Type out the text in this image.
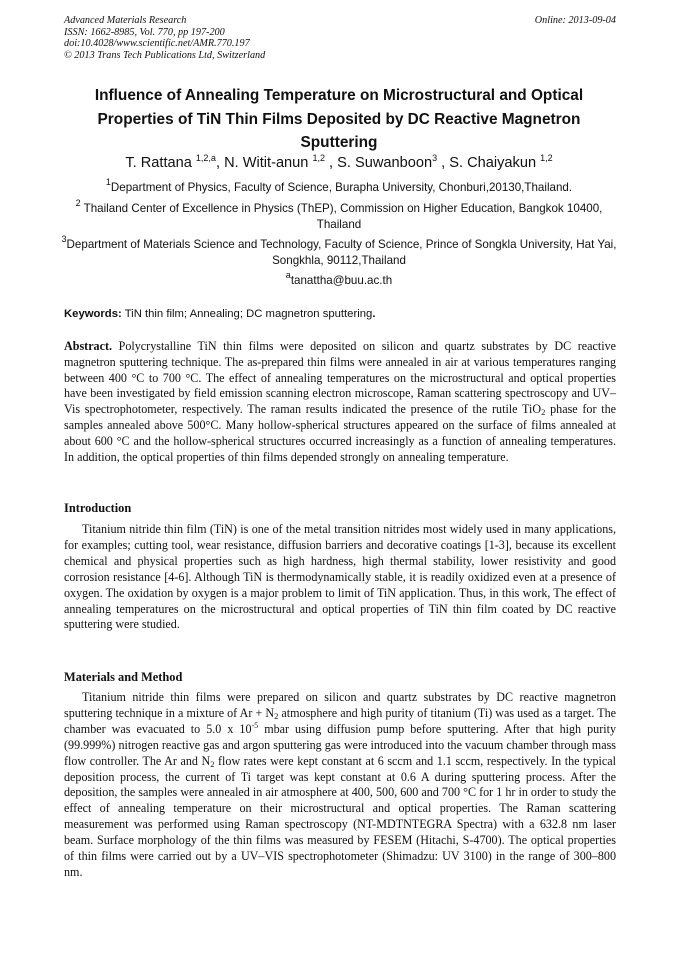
Advanced Materials Research
ISSN: 1662-8985, Vol. 770, pp 197-200
doi:10.4028/www.scientific.net/AMR.770.197
© 2013 Trans Tech Publications Ltd, Switzerland
Online: 2013-09-04
Influence of Annealing Temperature on Microstructural and Optical Properties of TiN Thin Films Deposited by DC Reactive Magnetron Sputtering
T. Rattana $^{1,2,a}$, N. Witit-anun $^{1,2}$ , S. Suwanboon$^3$ , S. Chaiyakun $^{1,2}$
$^1$Department of Physics, Faculty of Science, Burapha University, Chonburi,20130,Thailand.
$^2$ Thailand Center of Excellence in Physics (ThEP), Commission on Higher Education, Bangkok 10400, Thailand
$^3$Department of Materials Science and Technology, Faculty of Science, Prince of Songkla University, Hat Yai, Songkhla, 90112,Thailand
$^a$tanattha@buu.ac.th
Keywords: TiN thin film; Annealing; DC magnetron sputtering.
Abstract. Polycrystalline TiN thin films were deposited on silicon and quartz substrates by DC reactive magnetron sputtering technique. The as-prepared thin films were annealed in air at various temperatures ranging between 400 °C to 700 °C. The effect of annealing temperatures on the microstructural and optical properties have been investigated by field emission scanning electron microscope, Raman scattering spectroscopy and UV–Vis spectrophotometer, respectively. The raman results indicated the presence of the rutile TiO$_2$ phase for the samples annealed above 500°C. Many hollow-spherical structures appeared on the surface of films annealed at about 600 °C and the hollow-spherical structures occurred increasingly as a function of annealing temperatures. In addition, the optical properties of thin films depended strongly on annealing temperature.
Introduction
Titanium nitride thin film (TiN) is one of the metal transition nitrides most widely used in many applications, for examples; cutting tool, wear resistance, diffusion barriers and decorative coatings [1-3], because its excellent chemical and physical properties such as high hardness, high thermal stability, lower resistivity and good corrosion resistance [4-6]. Although TiN is thermodynamically stable, it is readily oxidized even at a presence of oxygen. The oxidation by oxygen is a major problem to limit of TiN application. Thus, in this work, The effect of annealing temperatures on the microstructural and optical properties of TiN thin film coated by DC reactive sputtering were studied.
Materials and Method
Titanium nitride thin films were prepared on silicon and quartz substrates by DC reactive magnetron sputtering technique in a mixture of $Ar + N_2$ atmosphere and high purity of titanium (Ti) was used as a target. The chamber was evacuated to 5.0 x $10^{-5}$ mbar using diffusion pump before sputtering. After that high purity (99.999%) nitrogen reactive gas and argon sputtering gas were introduced into the vacuum chamber through mass flow controller. The Ar and $N_2$ flow rates were kept constant at 6 sccm and 1.1 sccm, respectively. In the typical deposition process, the current of Ti target was kept constant at 0.6 A during sputtering process. After the deposition, the samples were annealed in air atmosphere at 400, 500, 600 and 700 °C for 1 hr in order to study the effect of annealing temperature on their microstructural and optical properties. The Raman scattering measurement was performed using Raman spectroscopy (NT-MDTNTEGRA Spectra) with a 632.8 nm laser beam. Surface morphology of the thin films was measured by FESEM (Hitachi, S-4700). The optical properties of thin films were carried out by a UV–VIS spectrophotometer (Shimadzu: UV 3100) in the range of 300–800 nm.
